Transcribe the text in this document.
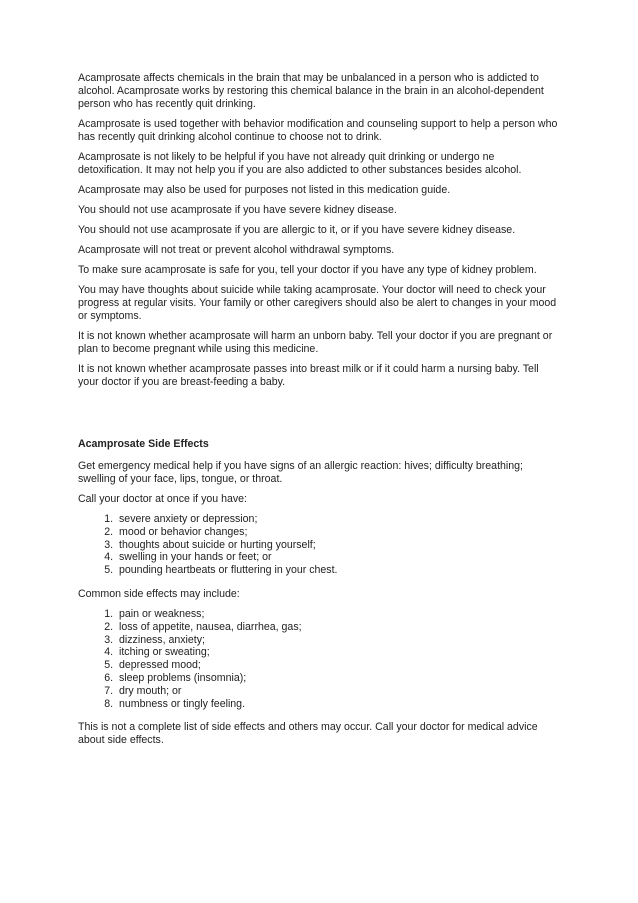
Acamprosate affects chemicals in the brain that may be unbalanced in a person who is addicted to alcohol. Acamprosate works by restoring this chemical balance in the brain in an alcohol-dependent person who has recently quit drinking.

Acamprosate is used together with behavior modification and counseling support to help a person who has recently quit drinking alcohol continue to choose not to drink.

Acamprosate is not likely to be helpful if you have not already quit drinking or undergo ne detoxification. It may not help you if you are also addicted to other substances besides alcohol.

Acamprosate may also be used for purposes not listed in this medication guide.

You should not use acamprosate if you have severe kidney disease.

You should not use acamprosate if you are allergic to it, or if you have severe kidney disease.

Acamprosate will not treat or prevent alcohol withdrawal symptoms.

To make sure acamprosate is safe for you, tell your doctor if you have any type of kidney problem.

You may have thoughts about suicide while taking acamprosate. Your doctor will need to check your progress at regular visits. Your family or other caregivers should also be alert to changes in your mood or symptoms.

It is not known whether acamprosate will harm an unborn baby. Tell your doctor if you are pregnant or plan to become pregnant while using this medicine.

It is not known whether acamprosate passes into breast milk or if it could harm a nursing baby. Tell your doctor if you are breast-feeding a baby.

Acamprosate Side Effects

Get emergency medical help if you have signs of an allergic reaction: hives; difficulty breathing; swelling of your face, lips, tongue, or throat.

Call your doctor at once if you have:

1. severe anxiety or depression;
2. mood or behavior changes;
3. thoughts about suicide or hurting yourself;
4. swelling in your hands or feet; or
5. pounding heartbeats or fluttering in your chest.

Common side effects may include:

1. pain or weakness;
2. loss of appetite, nausea, diarrhea, gas;
3. dizziness, anxiety;
4. itching or sweating;
5. depressed mood;
6. sleep problems (insomnia);
7. dry mouth; or
8. numbness or tingly feeling.

This is not a complete list of side effects and others may occur. Call your doctor for medical advice about side effects.
